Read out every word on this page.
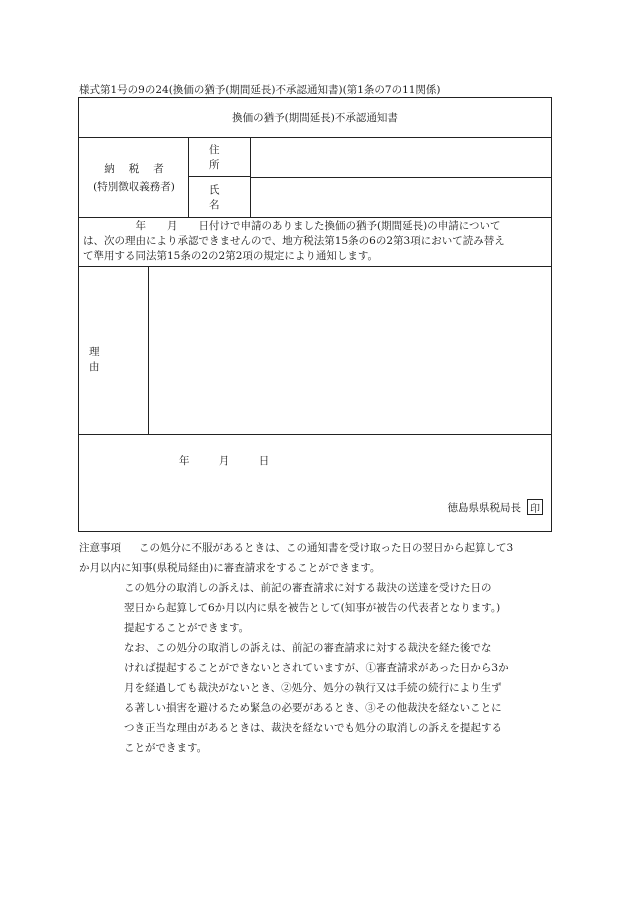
様式第1号の9の24(換価の猶予(期間延長)不承認通知書)(第1条の7の11関係)
換価の猶予(期間延長)不承認通知書
納税者
(特別徴収義務者)
住所
氏名
　　　　　年　　月　　日付けで申請のありました換価の猶予(期間延長)の申請について
は、次の理由により承認できませんので、地方税法第15条の6の2第3項において読み替え
て準用する同法第15条の2の2第2項の規定により通知します。
理由
年	月	日
徳島県県税局長 印
注意事項 この処分に不服があるときは、この通知書を受け取った日の翌日から起算して3
か月以内に知事(県税局経由)に審査請求をすることができます。
この処分の取消しの訴えは、前記の審査請求に対する裁決の送達を受けた日の
翌日から起算して6か月以内に県を被告として(知事が被告の代表者となります。)
提起することができます。
なお、この処分の取消しの訴えは、前記の審査請求に対する裁決を経た後でな
ければ提起することができないとされていますが、①審査請求があった日から3か
月を経過しても裁決がないとき、②処分、処分の執行又は手続の続行により生ず
る著しい損害を避けるため緊急の必要があるとき、③その他裁決を経ないことに
つき正当な理由があるときは、裁決を経ないでも処分の取消しの訴えを提起する
ことができます。
